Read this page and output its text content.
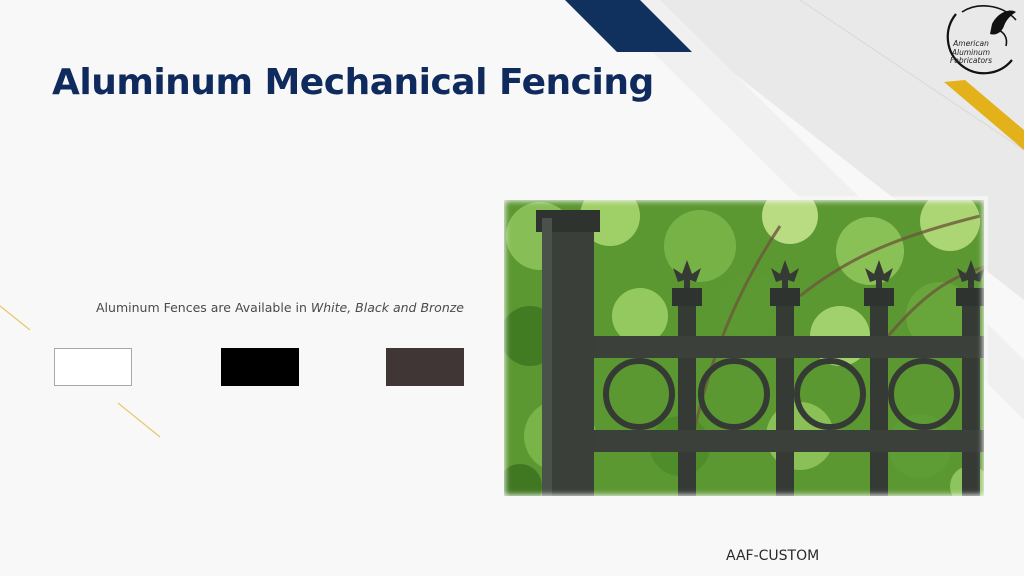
Aluminum Mechanical Fencing
Aluminum Fences are Available in White, Black and Bronze
AAF-CUSTOM
American
Aluminum
Fabricators
